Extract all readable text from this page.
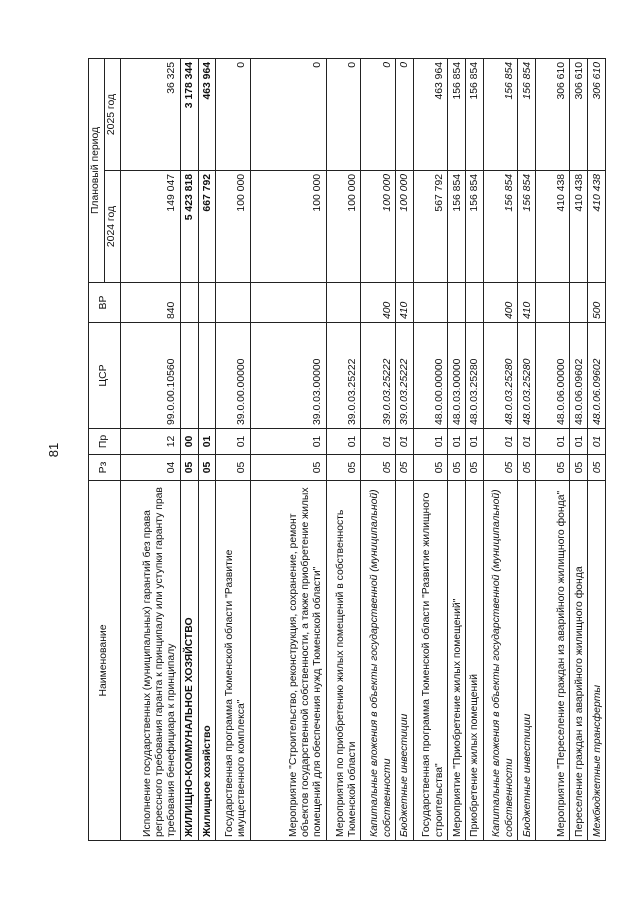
81
Наименование	Рз	Пр	ЦСР	ВР	Плановый период	
					2024 год	2025 год
Исполнение государственных (муниципальных) гарантий без права регрессного требования гаранта к принципалу или уступки гаранту прав требования бенефициара к принципалу	04	12	99.0.00.10560	840	149 047	36 325
ЖИЛИЩНО-КОММУНАЛЬНОЕ ХОЗЯЙСТВО	05	00			5 423 818	3 178 344
Жилищное хозяйство	05	01			667 792	463 964
Государственная программа Тюменской области "Развитие имущественного комплекса"	05	01	39.0.00.00000		100 000	0
Мероприятие "Строительство, реконструкция, сохранение, ремонт объектов государственной собственности, а также приобретение жилых помещений для обеспечения нужд Тюменской области"	05	01	39.0.03.00000		100 000	0
Мероприятия по приобретению жилых помещений в собственность Тюменской области	05	01	39.0.03.25222		100 000	0
Капитальные вложения в объекты государственной (муниципальной) собственности	05	01	39.0.03.25222	400	100 000	0
Бюджетные инвестиции	05	01	39.0.03.25222	410	100 000	0
Государственная программа Тюменской области "Развитие жилищного строительства"	05	01	48.0.00.00000		567 792	463 964
Мероприятие "Приобретение жилых помещений"	05	01	48.0.03.00000		156 854	156 854
Приобретение жилых помещений	05	01	48.0.03.25280		156 854	156 854
Капитальные вложения в объекты государственной (муниципальной) собственности	05	01	48.0.03.25280	400	156 854	156 854
Бюджетные инвестиции	05	01	48.0.03.25280	410	156 854	156 854
Мероприятие "Переселение граждан из аварийного жилищного фонда"	05	01	48.0.06.00000		410 438	306 610
Переселение граждан из аварийного жилищного фонда	05	01	48.0.06.09602		410 438	306 610
Межбюджетные трансферты	05	01	48.0.06.09602	500	410 438	306 610
